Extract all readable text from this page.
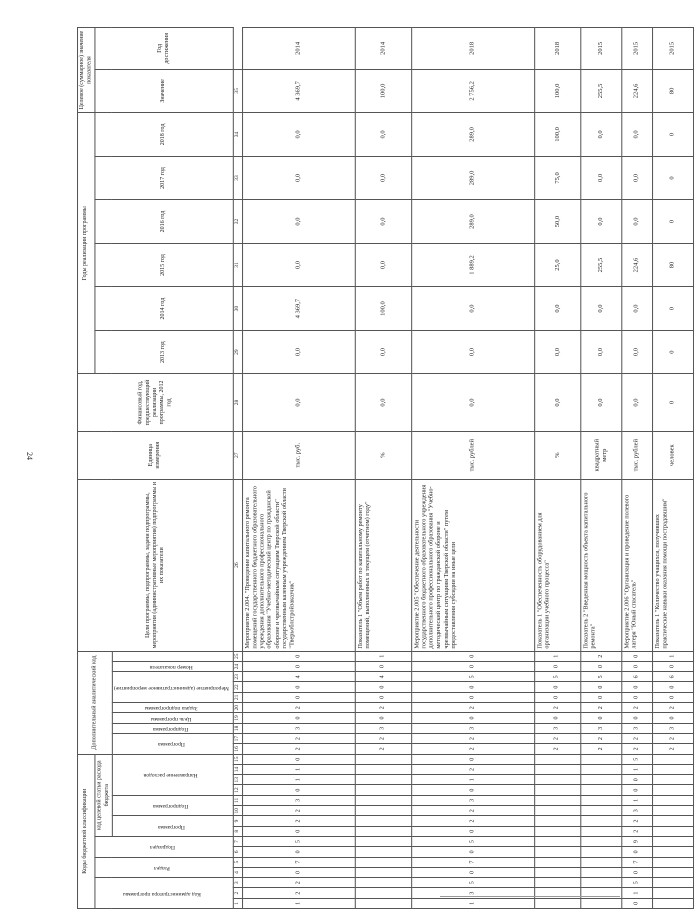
24
Коды бюджетной классификации															Дополнительный аналитический код										Цели программы, подпрограммы, задачи подпрограммы, мероприятия (административные мероприятия) подпрограммы и их показатели	Единица измерения	Финансовый год, предшествующий реализации программы, 2012 год	Годы реализации программы						Целевое (суммарное) значение показателя	
Код администратора программы			Раздел		Подраздел		код целевой статьи расхода бюджета																					2013 год	2014 год	2015 год	2016 год	2017 год	2018 год	Значение	Год достижения
							Программа		Подпрограмма		Направление расходов				Программа		Подпрограмма	Цель программы	Задача подпрограммы	Мероприятие (административное мероприятие)			Номер показателя												
1	2	3	4	5	6	7	8	9	10	11	12	13	14	15	16	17	18	19	20	21	22	23	24	25	26	27	28	29	30	31	32	33	34	35	
1	2	2	0	7	0	5	0	2	2	3	0	1	1	0	2	2	3	0	2	0	0	4	0	0	Мероприятие 2.004. "Проведение капитального ремонта помещений государственного бюджетного образовательного учреждения дополнительного профессионального образования "Учебно-методический центр по гражданской обороне и чрезвычайным ситуациям Тверской области" государственным казенным учреждением Тверской области "Тверьоблстройзаказчик"	тыс. руб.	0,0	0,0	4 369,7	0,0	0,0	0,0	0,0	4 369,7	2014
															2	2	3	0	2	0	0	4	0	1	Показатель 1 "Объем работ по капитальному ремонту помещений, выполненных в текущем (отчетном) году"	%	0,0	0,0	100,0	0,0	0,0	0,0	0,0	100,0	2014
1	3	5	0	7	0	5	0	2	2	3	0	1	2	0	2	2	3	0	2	0	0	5	0	0	Мероприятие 2.005 "Обеспечение деятельности государственного бюджетного образовательного учреждения дополнительного профессионального образования "Учебно-методический центр по гражданской обороне и чрезвычайным ситуациям Тверской области" путем предоставления субсидии на иные цели	тыс. рублей	0,0	0,0	0,0	1 889,2	289,0	289,0	289,0	2 756,2	2018
															2	2	3	0	2	0	0	5	0	1	Показатель 1 "Обеспеченность оборудованием для организации учебного процесса"	%	0,0	0,0	0,0	25,0	50,0	75,0	100,0	100,0	2018
															2	2	3	0	2	0	0	5	0	2	Показатель 2 "Введенная мощность объекта капитального ремонта"	квадратный метр	0,0	0,0	0,0	255,5	0,0	0,0	0,0	255,5	2015
0	1	5	0	7	0	9	2	2	3	1	0	0	1	5	2	2	3	0	2	0	0	6	0	0	Мероприятие 2.006 "Организация и проведение полевого лагеря "Юный спасатель"	тыс. рублей	0,0	0,0	0,0	224,6	0,0	0,0	0,0	224,6	2015
															2	2	3	0	2	0	0	6	0	1	Показатель 1 "Количество учащихся, получивших практические навыки оказания помощи пострадавшим"	человек	0	0	0	80	0	0	0	80	2015
